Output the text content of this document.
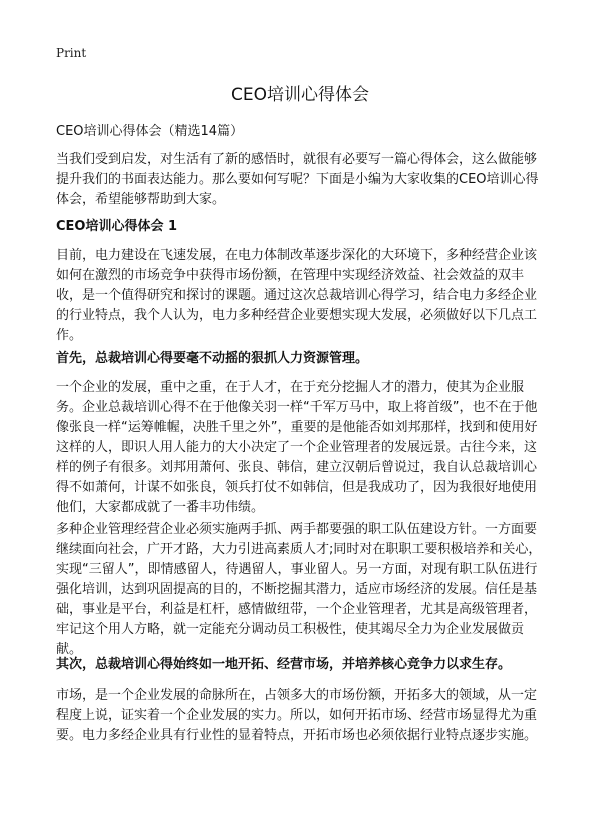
Print
CEO培训心得体会

CEO培训心得体会（精选14篇）

当我们受到启发，对生活有了新的感悟时，就很有必要写一篇心得体会，这么做能够提升我们的书面表达能力。那么要如何写呢？下面是小编为大家收集的CEO培训心得体会，希望能够帮助到大家。

CEO培训心得体会 1

目前，电力建设在飞速发展，在电力体制改革逐步深化的大环境下，多种经营企业该如何在激烈的市场竞争中获得市场份额，在管理中实现经济效益、社会效益的双丰收，是一个值得研究和探讨的课题。通过这次总裁培训心得学习，结合电力多经企业的行业特点，我个人认为，电力多种经营企业要想实现大发展，必须做好以下几点工作。

首先，总裁培训心得要毫不动摇的狠抓人力资源管理。

一个企业的发展，重中之重，在于人才，在于充分挖掘人才的潜力，使其为企业服务。企业总裁培训心得不在于他像关羽一样“千军万马中，取上将首级”，也不在于他像张良一样“运筹帷幄，决胜千里之外”，重要的是他能否如刘邦那样，找到和使用好这样的人，即识人用人能力的大小决定了一个企业管理者的发展远景。古往今来，这样的例子有很多。刘邦用萧何、张良、韩信，建立汉朝后曾说过，我自认总裁培训心得不如萧何，计谋不如张良，领兵打仗不如韩信，但是我成功了，因为我很好地使用他们，大家都成就了一番丰功伟绩。

多种企业管理经营企业必须实施两手抓、两手都要强的职工队伍建设方针。一方面要继续面向社会，广开才路，大力引进高素质人才;同时对在职职工要积极培养和关心，实现“三留人”，即情感留人，待遇留人，事业留人。另一方面，对现有职工队伍进行强化培训，达到巩固提高的目的，不断挖掘其潜力，适应市场经济的发展。信任是基础，事业是平台，利益是杠杆，感情做纽带，一个企业管理者，尤其是高级管理者，牢记这个用人方略，就一定能充分调动员工积极性，使其竭尽全力为企业发展做贡献。

其次，总裁培训心得始终如一地开拓、经营市场，并培养核心竞争力以求生存。

市场，是一个企业发展的命脉所在，占领多大的市场份额，开拓多大的领域，从一定程度上说，证实着一个企业发展的实力。所以，如何开拓市场、经营市场显得尤为重要。电力多经企业具有行业性的显着特点，开拓市场也必须依据行业特点逐步实施。
